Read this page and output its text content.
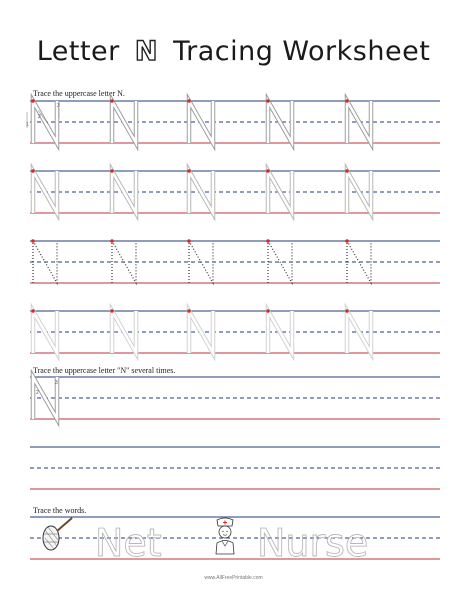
Letter N Tracing Worksheet
Trace the uppercase letter N.
Trace the uppercase letter "N" several times.
Trace the words.
1
2
3
2
3
Net	Nurse
www.AllFreePrintable.com
